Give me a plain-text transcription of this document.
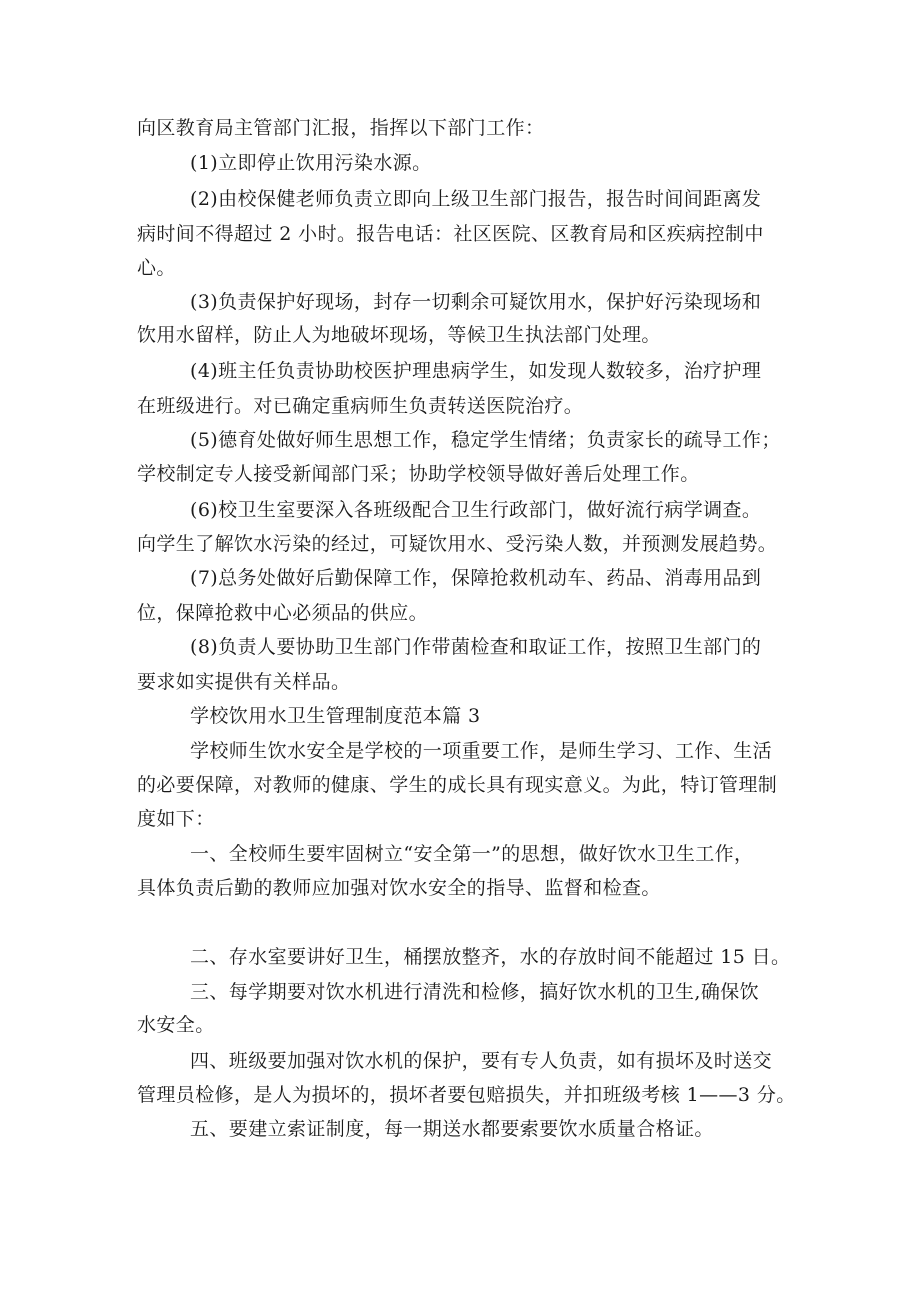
向区教育局主管部门汇报，指挥以下部门工作：
(1)立即停止饮用污染水源。
(2)由校保健老师负责立即向上级卫生部门报告，报告时间间距离发
病时间不得超过 2 小时。报告电话：社区医院、区教育局和区疾病控制中
心。
(3)负责保护好现场，封存一切剩余可疑饮用水，保护好污染现场和
饮用水留样，防止人为地破坏现场，等候卫生执法部门处理。
(4)班主任负责协助校医护理患病学生，如发现人数较多，治疗护理
在班级进行。对已确定重病师生负责转送医院治疗。
(5)德育处做好师生思想工作，稳定学生情绪；负责家长的疏导工作；
学校制定专人接受新闻部门采；协助学校领导做好善后处理工作。
(6)校卫生室要深入各班级配合卫生行政部门，做好流行病学调查。
向学生了解饮水污染的经过，可疑饮用水、受污染人数，并预测发展趋势。
(7)总务处做好后勤保障工作，保障抢救机动车、药品、消毒用品到
位，保障抢救中心必须品的供应。
(8)负责人要协助卫生部门作带菌检查和取证工作，按照卫生部门的
要求如实提供有关样品。
学校饮用水卫生管理制度范本篇 3
学校师生饮水安全是学校的一项重要工作，是师生学习、工作、生活
的必要保障，对教师的健康、学生的成长具有现实意义。为此，特订管理制
度如下：
一、全校师生要牢固树立“安全第一”的思想，做好饮水卫生工作，
具体负责后勤的教师应加强对饮水安全的指导、监督和检查。
二、存水室要讲好卫生，桶摆放整齐，水的存放时间不能超过 15 日。
三、每学期要对饮水机进行清洗和检修，搞好饮水机的卫生,确保饮
水安全。
四、班级要加强对饮水机的保护，要有专人负责，如有损坏及时送交
管理员检修，是人为损坏的，损坏者要包赔损失，并扣班级考核 1——3 分。
五、要建立索证制度，每一期送水都要索要饮水质量合格证。
